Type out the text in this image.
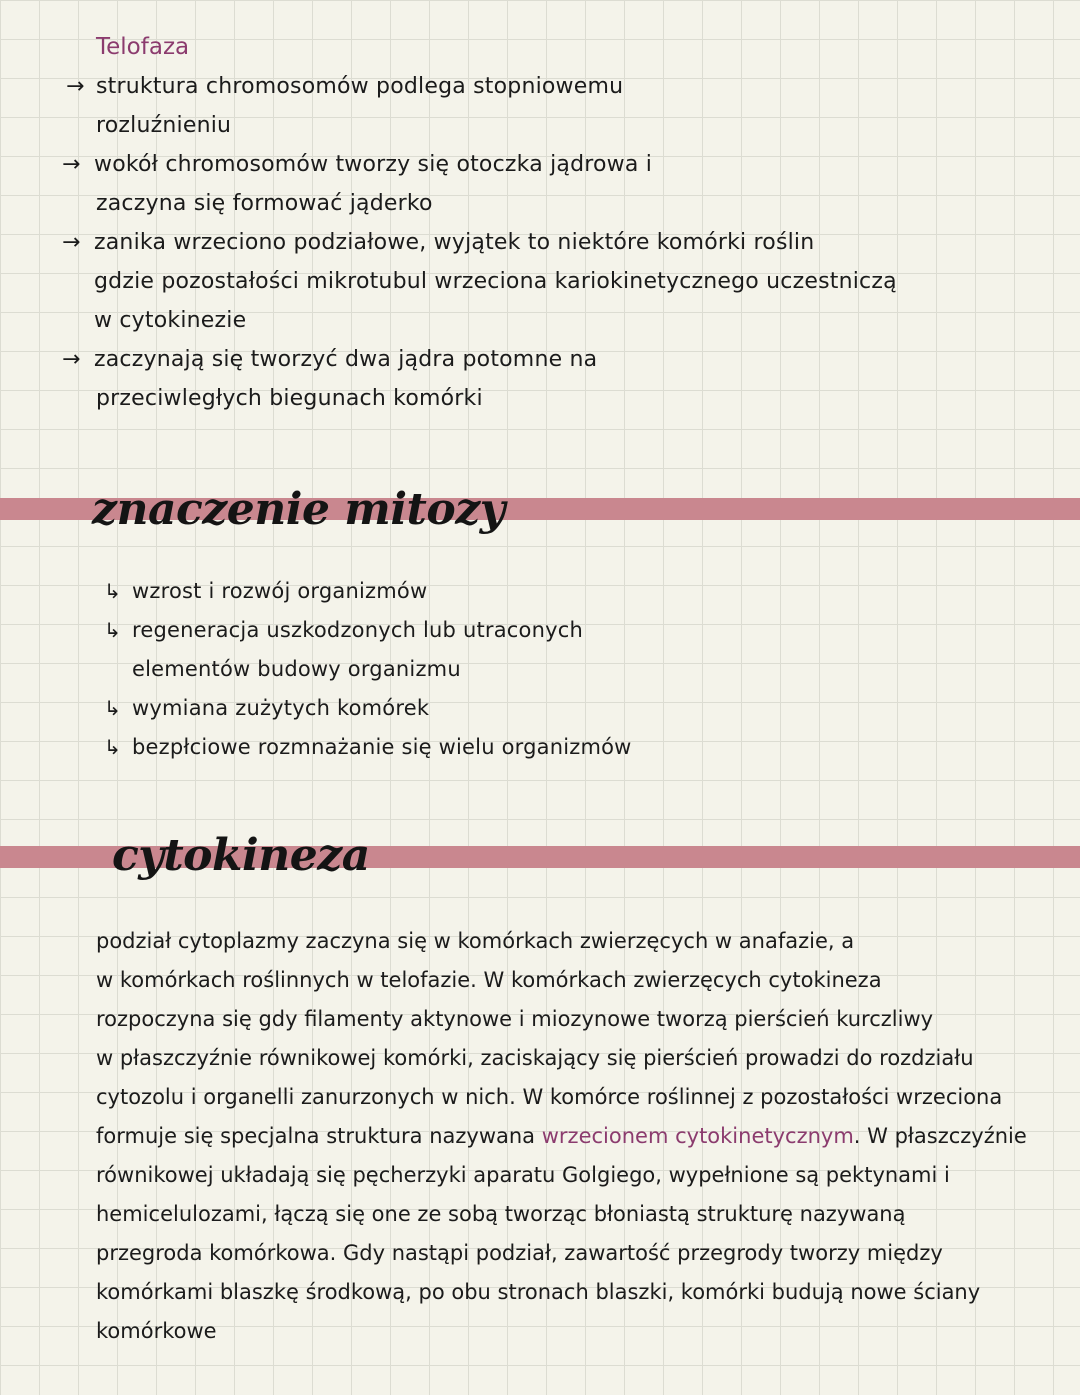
Telofaza
→ struktura chromosomów podlega stopniowemu
rozluźnieniu
→ wokół chromosomów tworzy się otoczka jądrowa i
zaczyna się formować jąderko
→ zanika wrzeciono podziałowe, wyjątek to niektóre komórki roślin
gdzie pozostałości mikrotubul wrzeciona kariokinetycznego uczestniczą
w cytokinezie
→ zaczynają się tworzyć dwa jądra potomne na
przeciwległych biegunach komórki
znaczenie mitozy
↳ wzrost i rozwój organizmów
↳ regeneracja uszkodzonych lub utraconych
elementów budowy organizmu
↳ wymiana zużytych komórek
↳ bezpłciowe rozmnażanie się wielu organizmów
cytokineza
podział cytoplazmy zaczyna się w komórkach zwierzęcych w anafazie, a
w komórkach roślinnych w telofazie. W komórkach zwierzęcych cytokineza
rozpoczyna się gdy filamenty aktynowe i miozynowe tworzą pierścień kurczliwy
w płaszczyźnie równikowej komórki, zaciskający się pierścień prowadzi do rozdziału
cytozolu i organelli zanurzonych w nich. W komórce roślinnej z pozostałości wrzeciona
formuje się specjalna struktura nazywana wrzecionem cytokinetycznym. W płaszczyźnie
równikowej układają się pęcherzyki aparatu Golgiego, wypełnione są pektynami i
hemicelulozami, łączą się one ze sobą tworząc błoniastą strukturę nazywaną
przegroda komórkowa. Gdy nastąpi podział, zawartość przegrody tworzy między
komórkami blaszkę środkową, po obu stronach blaszki, komórki budują nowe ściany
komórkowe
